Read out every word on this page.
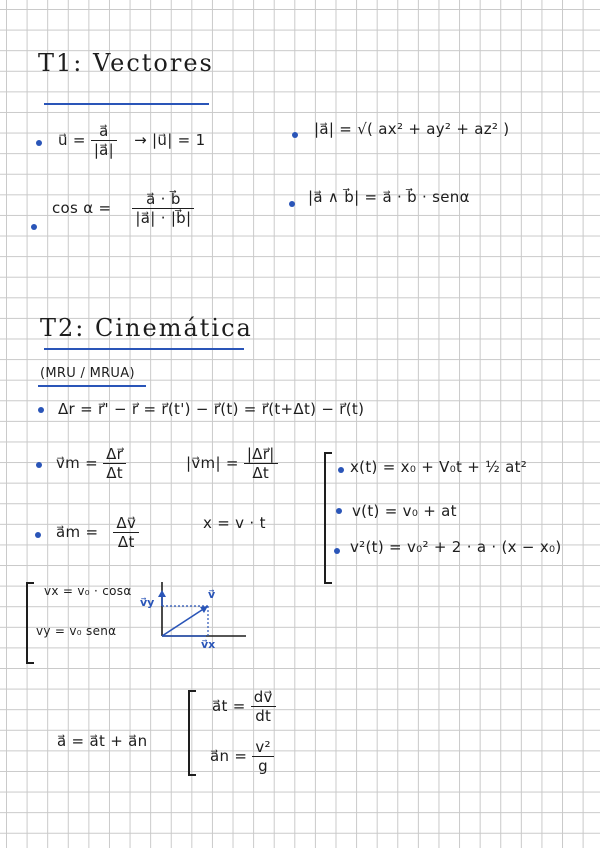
T1: Vectores
u⃗ = $\frac{a⃗}{|a⃗|}$ → |u⃗| = 1
|a⃗| = √( ax² + ay² + az² )
$\cos \alpha = \frac{a⃗ \cdot b⃗}{|a⃗| \cdot |b⃗|}$	|a⃗ ∧ b⃗| = a⃗ · b⃗ · senα
T2: Cinemática
(MRU / MRUA)
Δr = r⃗' − r⃗ = r⃗(t') − r⃗(t) = r⃗(t+Δt) − r⃗(t)
v⃗m = $\frac{\Delta r⃗}{\Delta t}$	|v⃗m| = $\frac{|\Delta r⃗|}{\Delta t}$
a⃗m = $\frac{\Delta v⃗}{\Delta t}$	x = v · t
x(t) = x₀ + V₀t + ½ at²
v(t) = v₀ + at
v²(t) = v₀² + 2 · a · (x − x₀)
vx = v₀ · cosα
vy = v₀ senα
v⃗
v⃗y
v⃗x
a⃗ = a⃗t + a⃗n
a⃗t = $\frac{dv⃗}{dt}$
a⃗n = $\frac{\text{v²}}{g}$
